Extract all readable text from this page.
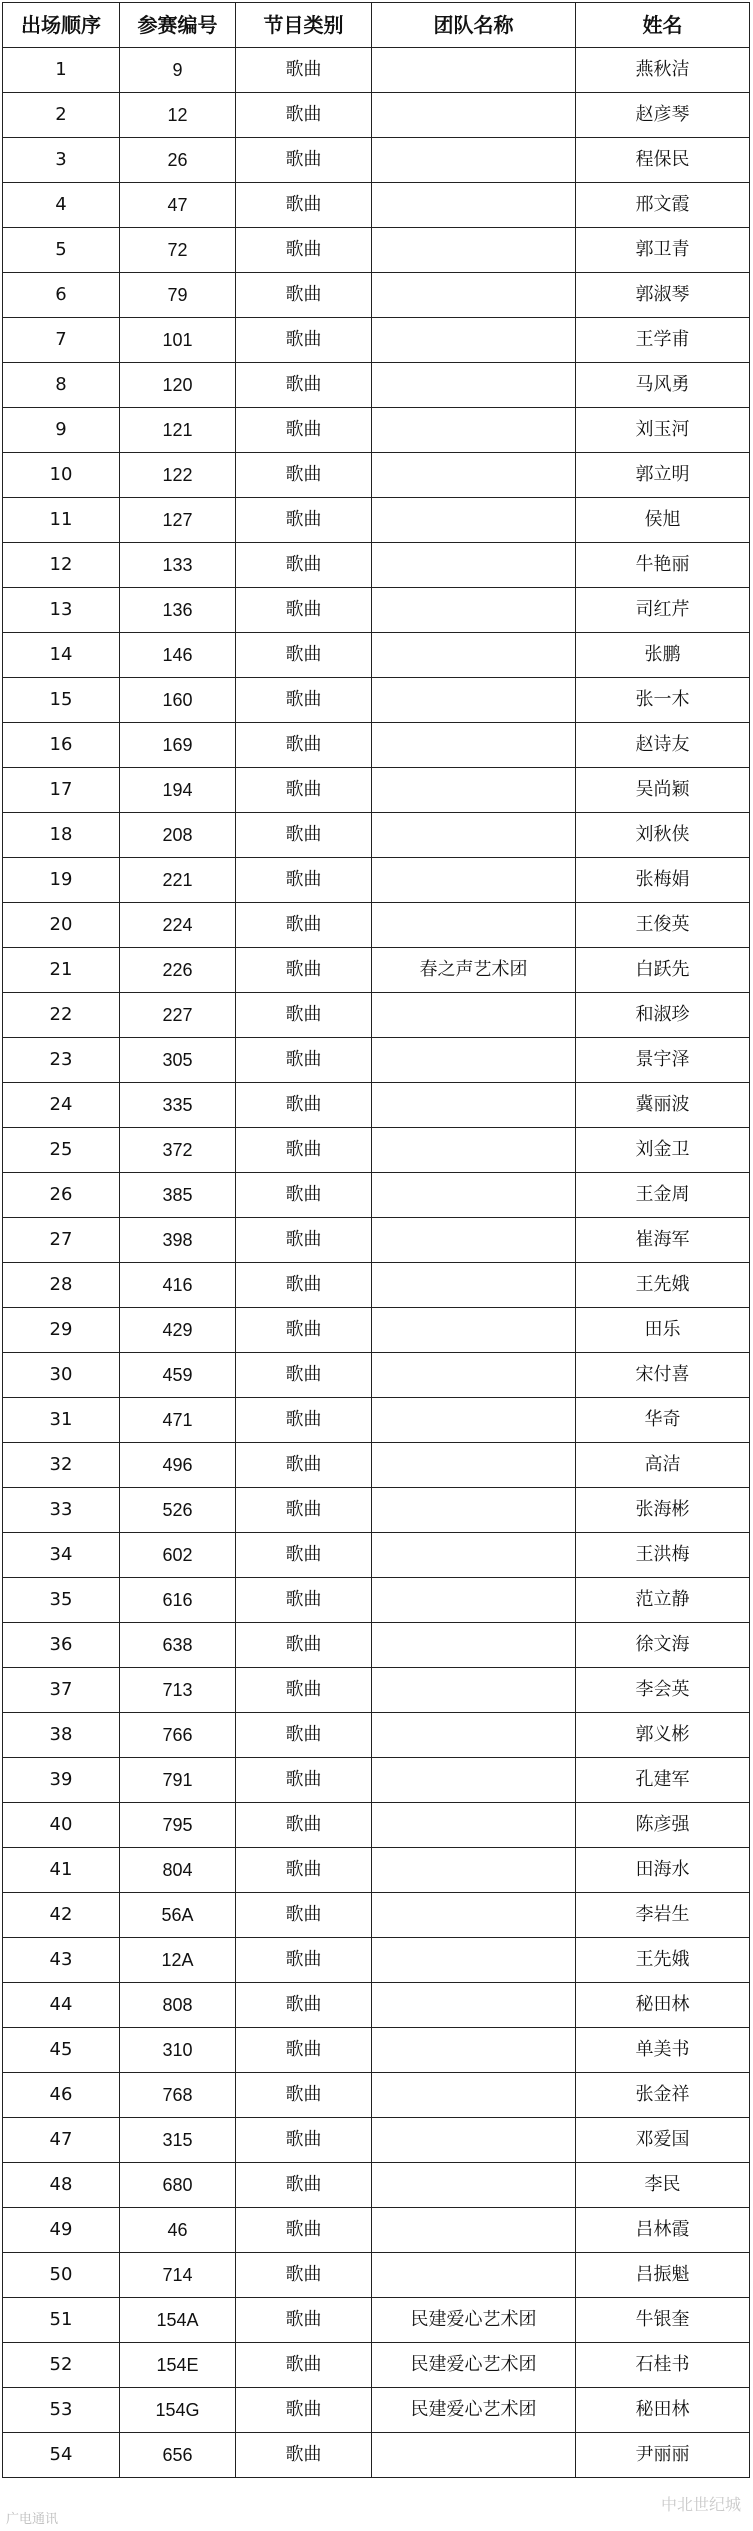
出场顺序	参赛编号	节目类别	团队名称	姓名
1	9	歌曲		燕秋洁
2	12	歌曲		赵彦琴
3	26	歌曲		程保民
4	47	歌曲		邢文霞
5	72	歌曲		郭卫青
6	79	歌曲		郭淑琴
7	101	歌曲		王学甫
8	120	歌曲		马风勇
9	121	歌曲		刘玉河
10	122	歌曲		郭立明
11	127	歌曲		侯旭
12	133	歌曲		牛艳丽
13	136	歌曲		司红芹
14	146	歌曲		张鹏
15	160	歌曲		张一木
16	169	歌曲		赵诗友
17	194	歌曲		吴尚颖
18	208	歌曲		刘秋侠
19	221	歌曲		张梅娟
20	224	歌曲		王俊英
21	226	歌曲	春之声艺术团	白跃先
22	227	歌曲		和淑珍
23	305	歌曲		景宇泽
24	335	歌曲		冀丽波
25	372	歌曲		刘金卫
26	385	歌曲		王金周
27	398	歌曲		崔海军
28	416	歌曲		王先娥
29	429	歌曲		田乐
30	459	歌曲		宋付喜
31	471	歌曲		华奇
32	496	歌曲		高洁
33	526	歌曲		张海彬
34	602	歌曲		王洪梅
35	616	歌曲		范立静
36	638	歌曲		徐文海
37	713	歌曲		李会英
38	766	歌曲		郭义彬
39	791	歌曲		孔建军
40	795	歌曲		陈彦强
41	804	歌曲		田海水
42	56A	歌曲		李岩生
43	12A	歌曲		王先娥
44	808	歌曲		秘田林
45	310	歌曲		单美书
46	768	歌曲		张金祥
47	315	歌曲		邓爱国
48	680	歌曲		李民
49	46	歌曲		吕林霞
50	714	歌曲		吕振魁
51	154A	歌曲	民建爱心艺术团	牛银奎
52	154E	歌曲	民建爱心艺术团	石桂书
53	154G	歌曲	民建爱心艺术团	秘田林
54	656	歌曲		尹丽丽
广电通讯
中北世纪城
